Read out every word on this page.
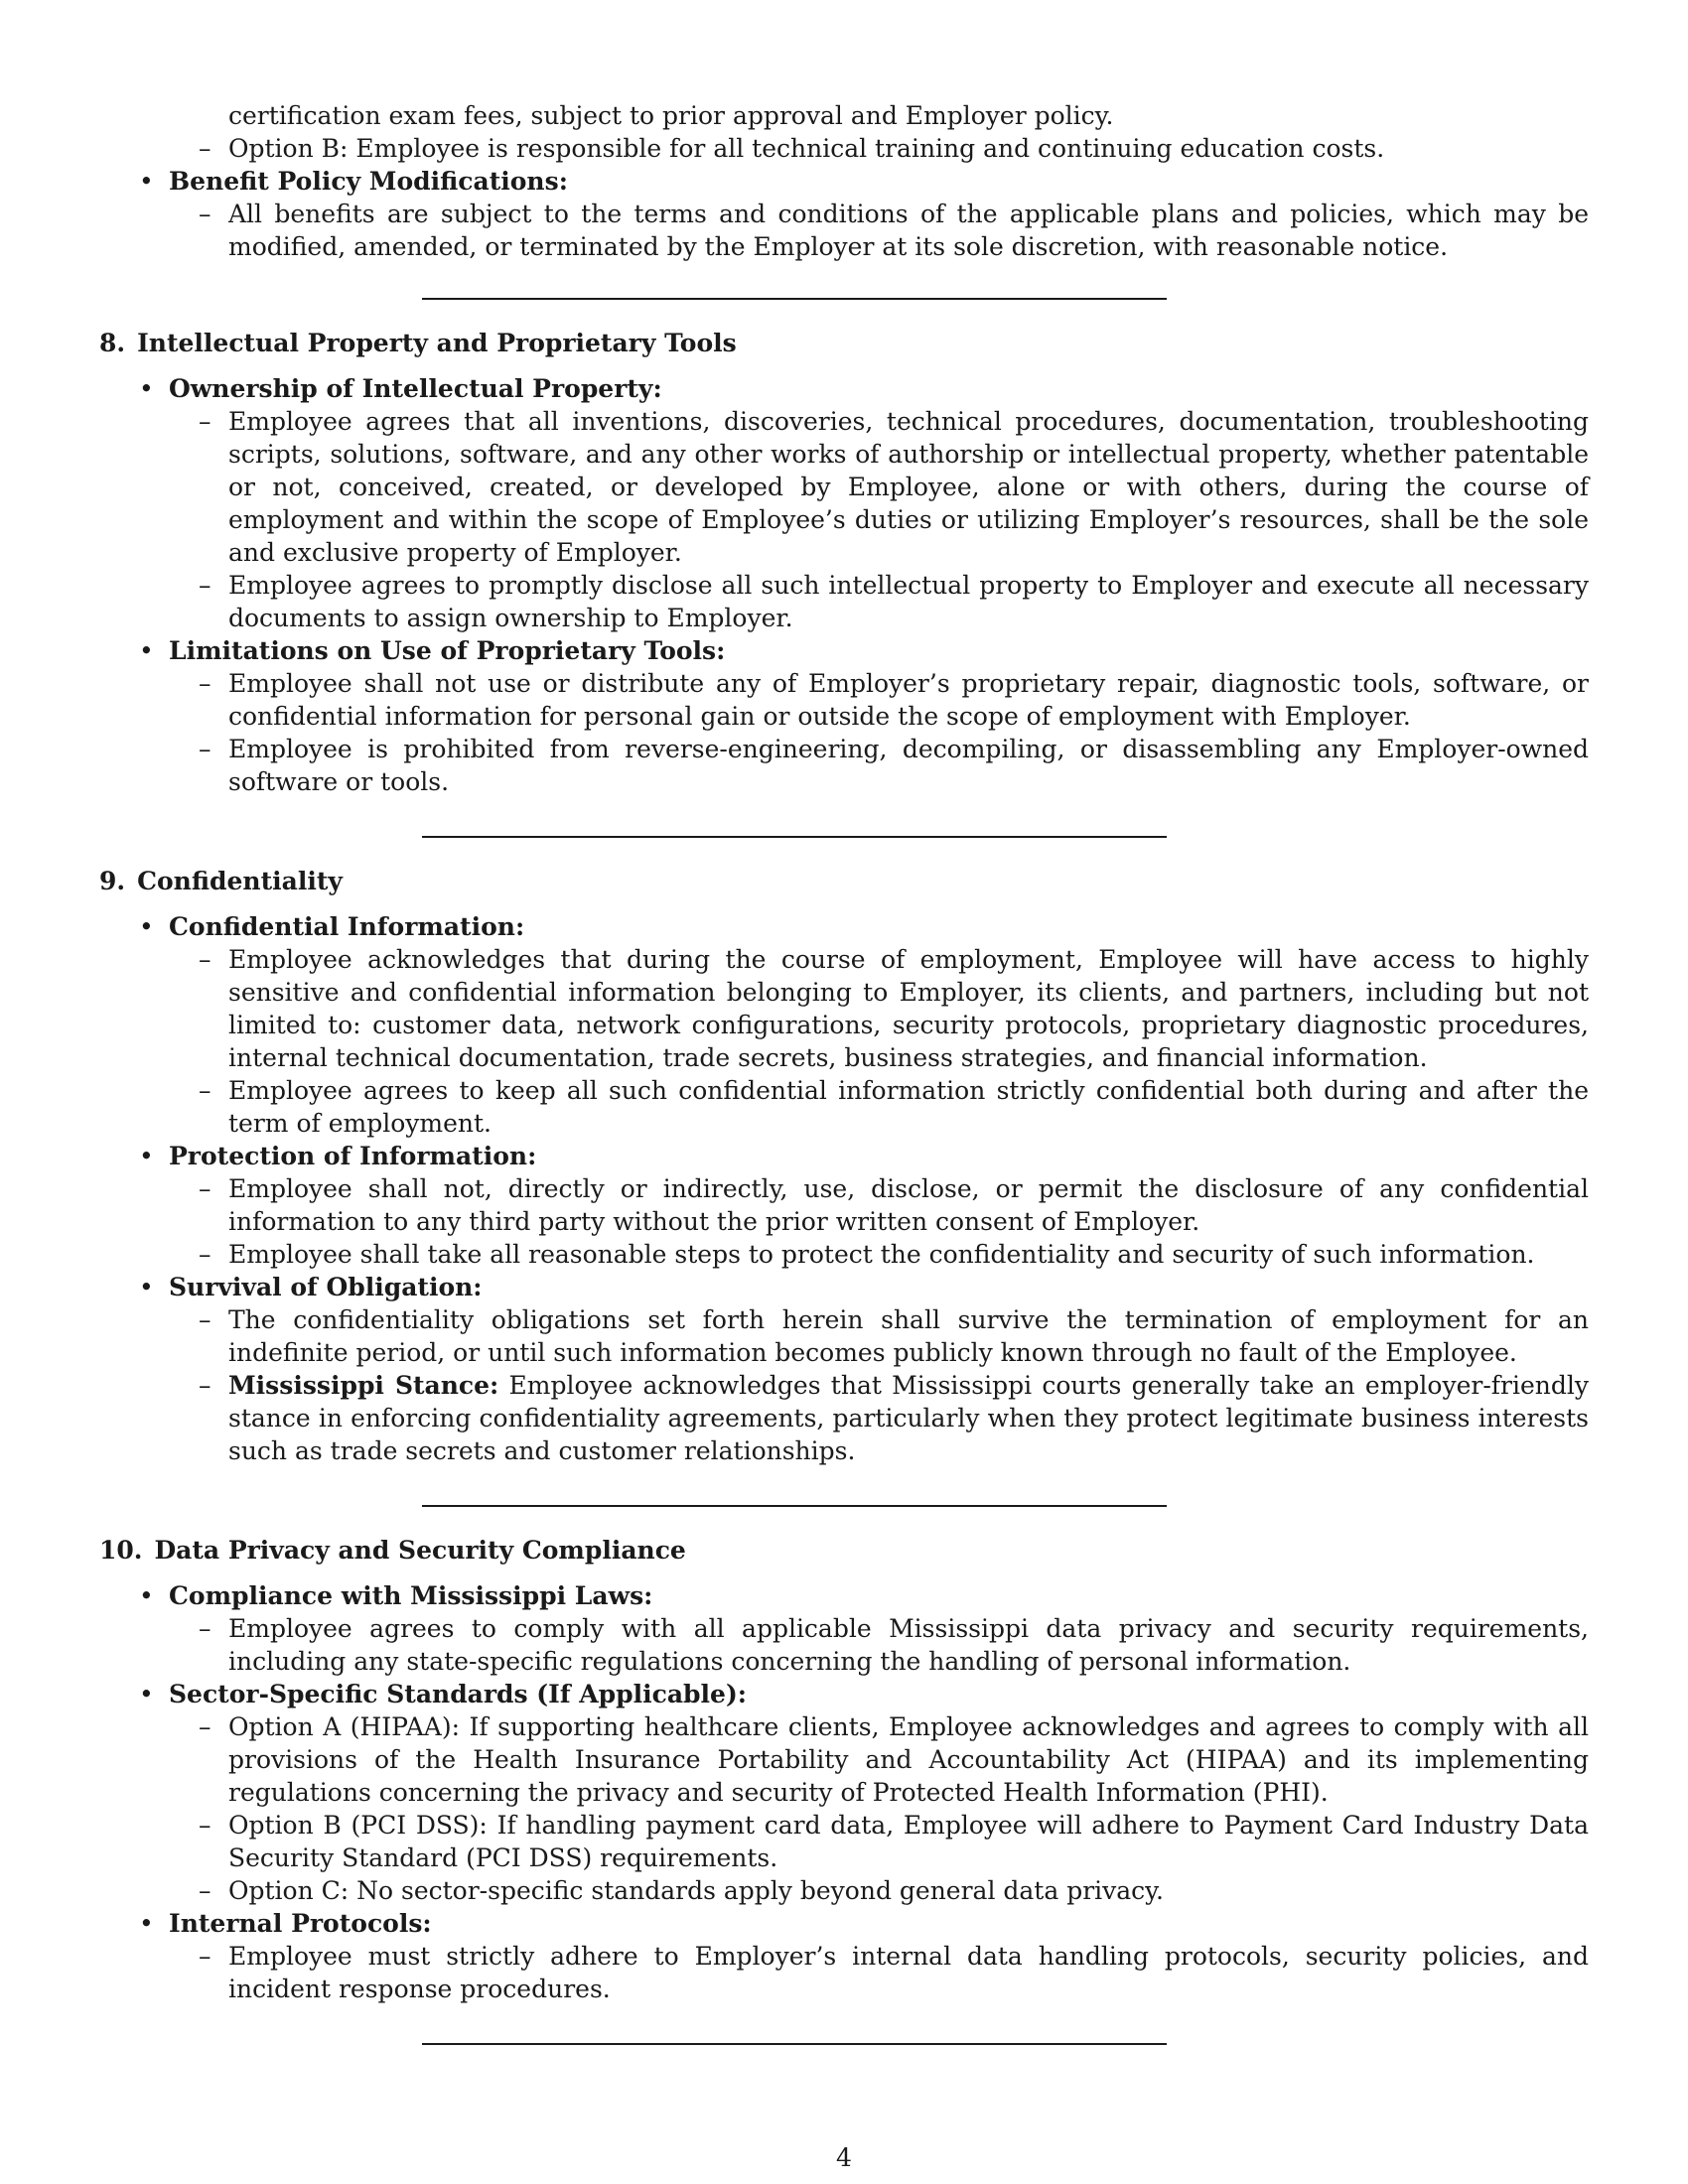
certification exam fees, subject to prior approval and Employer policy.
– Option B: Employee is responsible for all technical training and continuing education costs.
• Benefit Policy Modifications:
– All benefits are subject to the terms and conditions of the applicable plans and policies, which may be modified, amended, or terminated by the Employer at its sole discretion, with reasonable notice.
8. Intellectual Property and Proprietary Tools
• Ownership of Intellectual Property:
– Employee agrees that all inventions, discoveries, technical procedures, documentation, troubleshooting scripts, solutions, software, and any other works of authorship or intellectual property, whether patentable or not, conceived, created, or developed by Employee, alone or with others, during the course of employment and within the scope of Employee’s duties or utilizing Employer’s resources, shall be the sole and exclusive property of Employer.
– Employee agrees to promptly disclose all such intellectual property to Employer and execute all necessary documents to assign ownership to Employer.
• Limitations on Use of Proprietary Tools:
– Employee shall not use or distribute any of Employer’s proprietary repair, diagnostic tools, software, or confidential information for personal gain or outside the scope of employment with Employer.
– Employee is prohibited from reverse-engineering, decompiling, or disassembling any Employer-owned software or tools.
9. Confidentiality
• Confidential Information:
– Employee acknowledges that during the course of employment, Employee will have access to highly sensitive and confidential information belonging to Employer, its clients, and partners, including but not limited to: customer data, network configurations, security protocols, proprietary diagnostic procedures, internal technical documentation, trade secrets, business strategies, and financial information.
– Employee agrees to keep all such confidential information strictly confidential both during and after the term of employment.
• Protection of Information:
– Employee shall not, directly or indirectly, use, disclose, or permit the disclosure of any confidential information to any third party without the prior written consent of Employer.
– Employee shall take all reasonable steps to protect the confidentiality and security of such information.
• Survival of Obligation:
– The confidentiality obligations set forth herein shall survive the termination of employment for an indefinite period, or until such information becomes publicly known through no fault of the Employee.
– Mississippi Stance: Employee acknowledges that Mississippi courts generally take an employer-friendly stance in enforcing confidentiality agreements, particularly when they protect legitimate business interests such as trade secrets and customer relationships.
10. Data Privacy and Security Compliance
• Compliance with Mississippi Laws:
– Employee agrees to comply with all applicable Mississippi data privacy and security requirements, including any state-specific regulations concerning the handling of personal information.
• Sector-Specific Standards (If Applicable):
– Option A (HIPAA): If supporting healthcare clients, Employee acknowledges and agrees to comply with all provisions of the Health Insurance Portability and Accountability Act (HIPAA) and its implementing regulations concerning the privacy and security of Protected Health Information (PHI).
– Option B (PCI DSS): If handling payment card data, Employee will adhere to Payment Card Industry Data Security Standard (PCI DSS) requirements.
– Option C: No sector-specific standards apply beyond general data privacy.
• Internal Protocols:
– Employee must strictly adhere to Employer’s internal data handling protocols, security policies, and incident response procedures.
4
